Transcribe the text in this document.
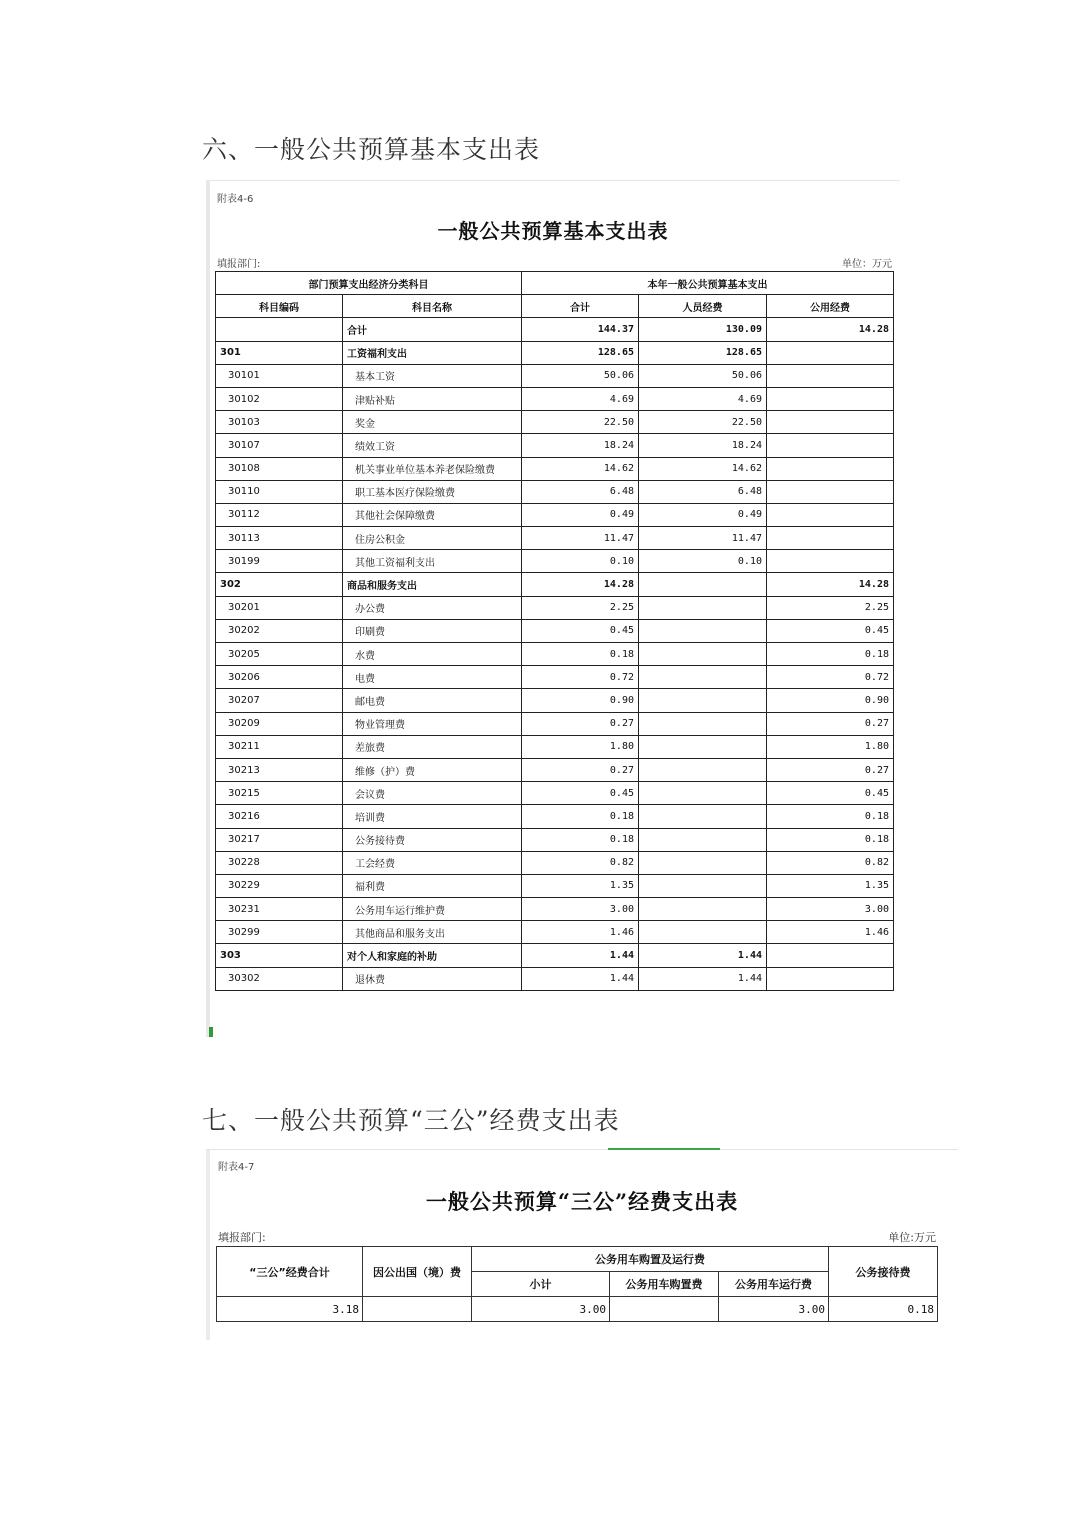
六、一般公共预算基本支出表
附表4-6
一般公共预算基本支出表
填报部门:	单位：万元
部门预算支出经济分类科目		本年一般公共预算基本支出		
科目编码	科目名称	合计	人员经费	公用经费
	合计	144.37	130.09	14.28
301	工资福利支出	128.65	128.65	
30101	基本工资	50.06	50.06	
30102	津贴补贴	4.69	4.69	
30103	奖金	22.50	22.50	
30107	绩效工资	18.24	18.24	
30108	机关事业单位基本养老保险缴费	14.62	14.62	
30110	职工基本医疗保险缴费	6.48	6.48	
30112	其他社会保障缴费	0.49	0.49	
30113	住房公积金	11.47	11.47	
30199	其他工资福利支出	0.10	0.10	
302	商品和服务支出	14.28		14.28
30201	办公费	2.25		2.25
30202	印刷费	0.45		0.45
30205	水费	0.18		0.18
30206	电费	0.72		0.72
30207	邮电费	0.90		0.90
30209	物业管理费	0.27		0.27
30211	差旅费	1.80		1.80
30213	维修（护）费	0.27		0.27
30215	会议费	0.45		0.45
30216	培训费	0.18		0.18
30217	公务接待费	0.18		0.18
30228	工会经费	0.82		0.82
30229	福利费	1.35		1.35
30231	公务用车运行维护费	3.00		3.00
30299	其他商品和服务支出	1.46		1.46
303	对个人和家庭的补助	1.44	1.44	
30302	退休费	1.44	1.44	
七、一般公共预算“三公”经费支出表
附表4-7
一般公共预算“三公”经费支出表
填报部门:	单位:万元
“三公”经费合计	因公出国（境）费	公务用车购置及运行费			公务接待费
		小计	公务用车购置费	公务用车运行费	
3.18		3.00		3.00	0.18
